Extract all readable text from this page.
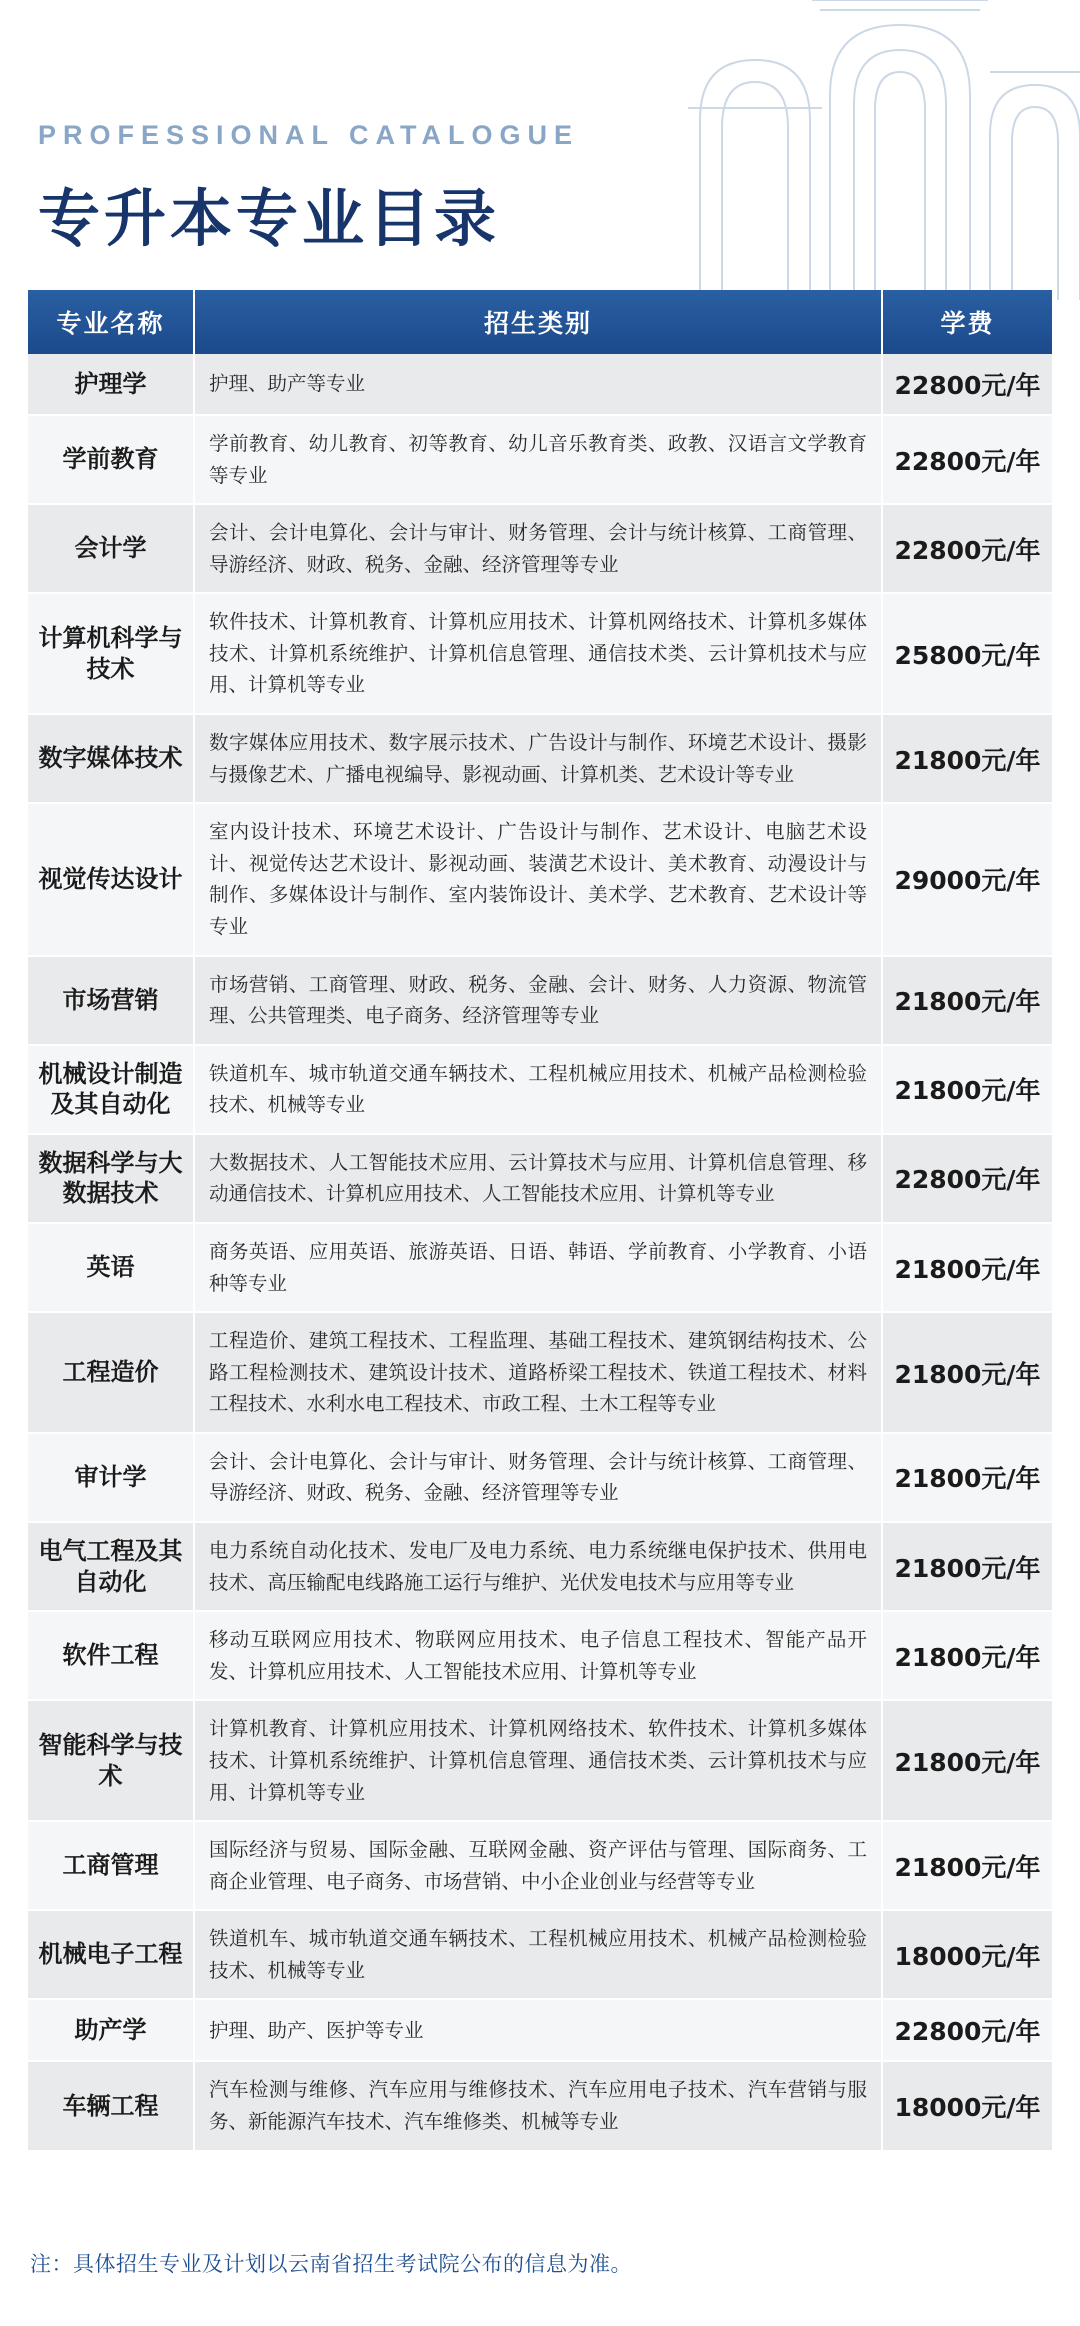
PROFESSIONAL CATALOGUE
专升本专业目录
专业名称	招生类别	学费
护理学	护理、助产等专业	22800元/年
学前教育	学前教育、幼儿教育、初等教育、幼儿音乐教育类、政教、汉语言文学教育等专业	22800元/年
会计学	会计、会计电算化、会计与审计、财务管理、会计与统计核算、工商管理、导游经济、财政、税务、金融、经济管理等专业	22800元/年
计算机科学与技术	软件技术、计算机教育、计算机应用技术、计算机网络技术、计算机多媒体技术、计算机系统维护、计算机信息管理、通信技术类、云计算机技术与应用、计算机等专业	25800元/年
数字媒体技术	数字媒体应用技术、数字展示技术、广告设计与制作、环境艺术设计、摄影与摄像艺术、广播电视编导、影视动画、计算机类、艺术设计等专业	21800元/年
视觉传达设计	室内设计技术、环境艺术设计、广告设计与制作、艺术设计、电脑艺术设计、视觉传达艺术设计、影视动画、装潢艺术设计、美术教育、动漫设计与制作、多媒体设计与制作、室内装饰设计、美术学、艺术教育、艺术设计等专业	29000元/年
市场营销	市场营销、工商管理、财政、税务、金融、会计、财务、人力资源、物流管理、公共管理类、电子商务、经济管理等专业	21800元/年
机械设计制造及其自动化	铁道机车、城市轨道交通车辆技术、工程机械应用技术、机械产品检测检验技术、机械等专业	21800元/年
数据科学与大数据技术	大数据技术、人工智能技术应用、云计算技术与应用、计算机信息管理、移动通信技术、计算机应用技术、人工智能技术应用、计算机等专业	22800元/年
英语	商务英语、应用英语、旅游英语、日语、韩语、学前教育、小学教育、小语种等专业	21800元/年
工程造价	工程造价、建筑工程技术、工程监理、基础工程技术、建筑钢结构技术、公路工程检测技术、建筑设计技术、道路桥梁工程技术、铁道工程技术、材料工程技术、水利水电工程技术、市政工程、土木工程等专业	21800元/年
审计学	会计、会计电算化、会计与审计、财务管理、会计与统计核算、工商管理、导游经济、财政、税务、金融、经济管理等专业	21800元/年
电气工程及其自动化	电力系统自动化技术、发电厂及电力系统、电力系统继电保护技术、供用电技术、高压输配电线路施工运行与维护、光伏发电技术与应用等专业	21800元/年
软件工程	移动互联网应用技术、物联网应用技术、电子信息工程技术、智能产品开发、计算机应用技术、人工智能技术应用、计算机等专业	21800元/年
智能科学与技术	计算机教育、计算机应用技术、计算机网络技术、软件技术、计算机多媒体技术、计算机系统维护、计算机信息管理、通信技术类、云计算机技术与应用、计算机等专业	21800元/年
工商管理	国际经济与贸易、国际金融、互联网金融、资产评估与管理、国际商务、工商企业管理、电子商务、市场营销、中小企业创业与经营等专业	21800元/年
机械电子工程	铁道机车、城市轨道交通车辆技术、工程机械应用技术、机械产品检测检验技术、机械等专业	18000元/年
助产学	护理、助产、医护等专业	22800元/年
车辆工程	汽车检测与维修、汽车应用与维修技术、汽车应用电子技术、汽车营销与服务、新能源汽车技术、汽车维修类、机械等专业	18000元/年
注：具体招生专业及计划以云南省招生考试院公布的信息为准。
